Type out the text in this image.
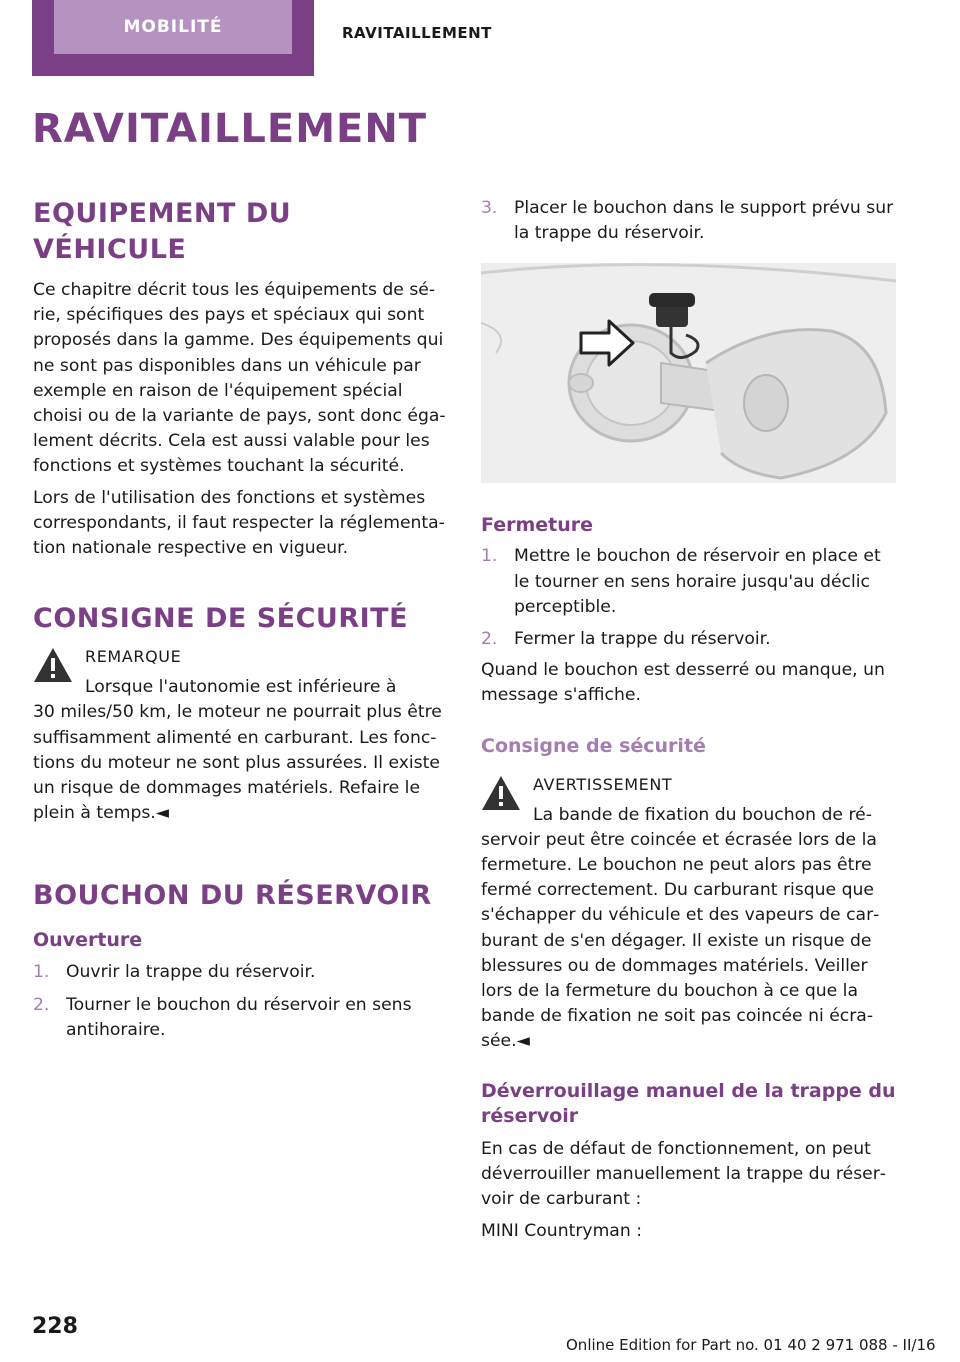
MOBILITÉ	RAVITAILLEMENT
RAVITAILLEMENT
EQUIPEMENT DU VÉHICULE

Ce chapitre décrit tous les équipements de sé‐ rie, spécifiques des pays et spéciaux qui sont proposés dans la gamme. Des équipements qui ne sont pas disponibles dans un véhicule par exemple en raison de l'équipement spécial choisi ou de la variante de pays, sont donc éga‐ lement décrits. Cela est aussi valable pour les fonctions et systèmes touchant la sécurité.

Lors de l'utilisation des fonctions et systèmes correspondants, il faut respecter la réglementa‐ tion nationale respective en vigueur.

CONSIGNE DE SÉCURITÉ
REMARQUE

Lorsque l'autonomie est inférieure à

30 miles/50 km, le moteur ne pourrait plus être suffisamment alimenté en carburant. Les fonc‐ tions du moteur ne sont plus assurées. Il existe un risque de dommages matériels. Refaire le plein à temps.◄

BOUCHON DU RÉSERVOIR
Ouverture
1. Ouvrir la trappe du réservoir.
2. Tourner le bouchon du réservoir en sens antihoraire.
3. Placer le bouchon dans le support prévu sur la trappe du réservoir.
Fermeture
1. Mettre le bouchon de réservoir en place et le tourner en sens horaire jusqu'au déclic perceptible.
2. Fermer la trappe du réservoir.

Quand le bouchon est desserré ou manque, un message s'affiche.

Consigne de sécurité
AVERTISSEMENT

La bande de fixation du bouchon de ré‐

servoir peut être coincée et écrasée lors de la fermeture. Le bouchon ne peut alors pas être fermé correctement. Du carburant risque que s'échapper du véhicule et des vapeurs de car‐ burant de s'en dégager. Il existe un risque de blessures ou de dommages matériels. Veiller lors de la fermeture du bouchon à ce que la bande de fixation ne soit pas coincée ni écra‐ sée.◄

Déverrouillage manuel de la trappe du réservoir

En cas de défaut de fonctionnement, on peut déverrouiller manuellement la trappe du réser‐ voir de carburant :

MINI Countryman :

228
Online Edition for Part no. 01 40 2 971 088 - II/16
